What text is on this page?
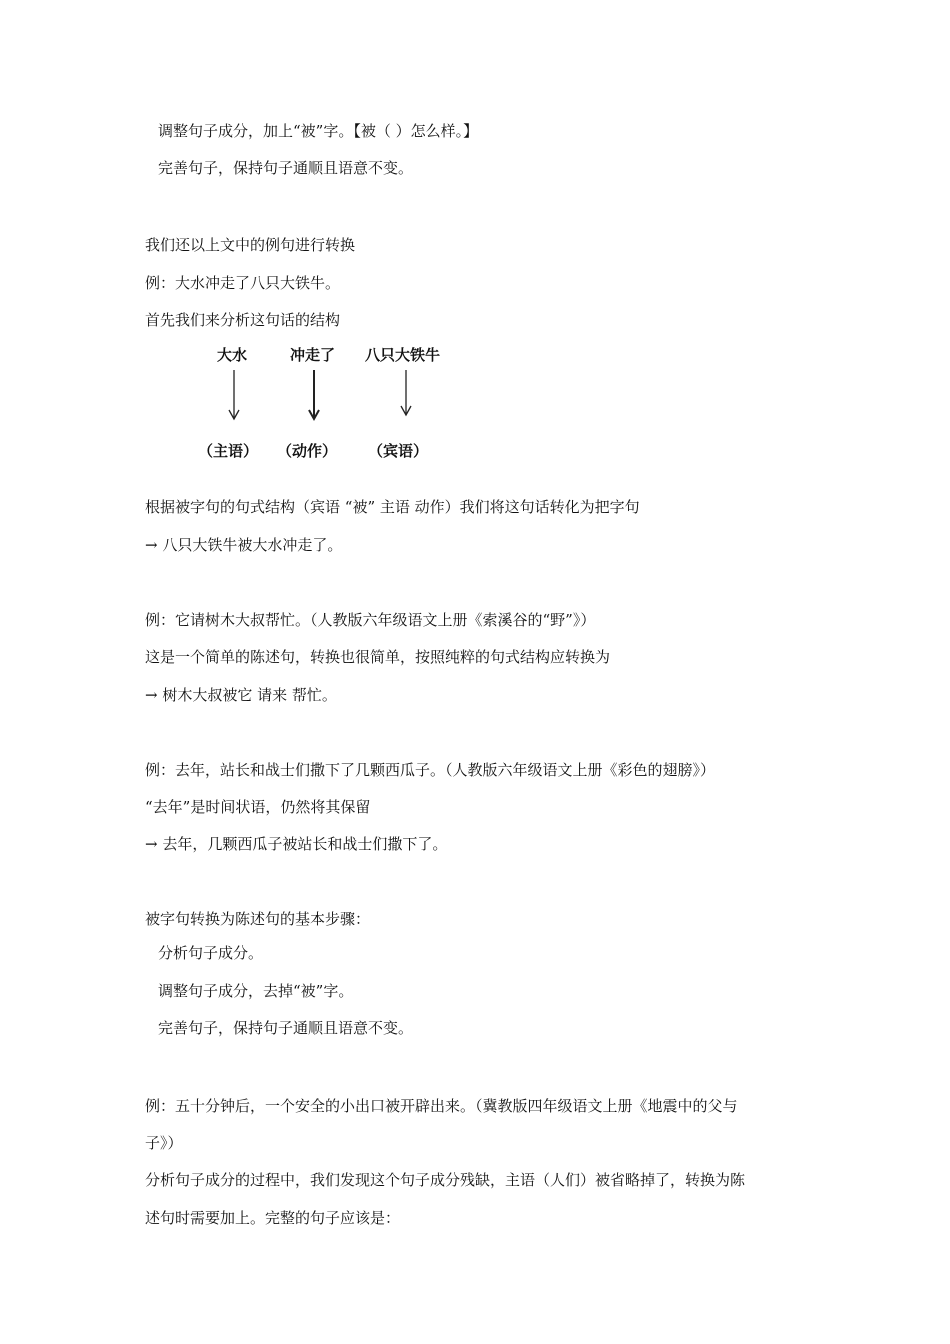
调整句子成分，加上“被”字。【被（ ）怎么样。】
完善句子，保持句子通顺且语意不变。
我们还以上文中的例句进行转换
例：大水冲走了八只大铁牛。
首先我们来分析这句话的结构
大水	冲走了 八只大铁牛
（主语） （动作） （宾语）
根据被字句的句式结构（宾语 “被” 主语 动作）我们将这句话转化为把字句
→ 八只大铁牛被大水冲走了。
例：它请树木大叔帮忙。（人教版六年级语文上册《索溪谷的“野”》）
这是一个简单的陈述句，转换也很简单，按照纯粹的句式结构应转换为
→ 树木大叔被它 请来 帮忙。
例：去年，站长和战士们撒下了几颗西瓜子。（人教版六年级语文上册《彩色的翅膀》）
“去年”是时间状语，仍然将其保留
→ 去年，几颗西瓜子被站长和战士们撒下了。
被字句转换为陈述句的基本步骤：
分析句子成分。
调整句子成分，去掉“被”字。
完善句子，保持句子通顺且语意不变。
例：五十分钟后，一个安全的小出口被开辟出来。（冀教版四年级语文上册《地震中的父与
子》）
分析句子成分的过程中，我们发现这个句子成分残缺，主语（人们）被省略掉了，转换为陈
述句时需要加上。完整的句子应该是：
